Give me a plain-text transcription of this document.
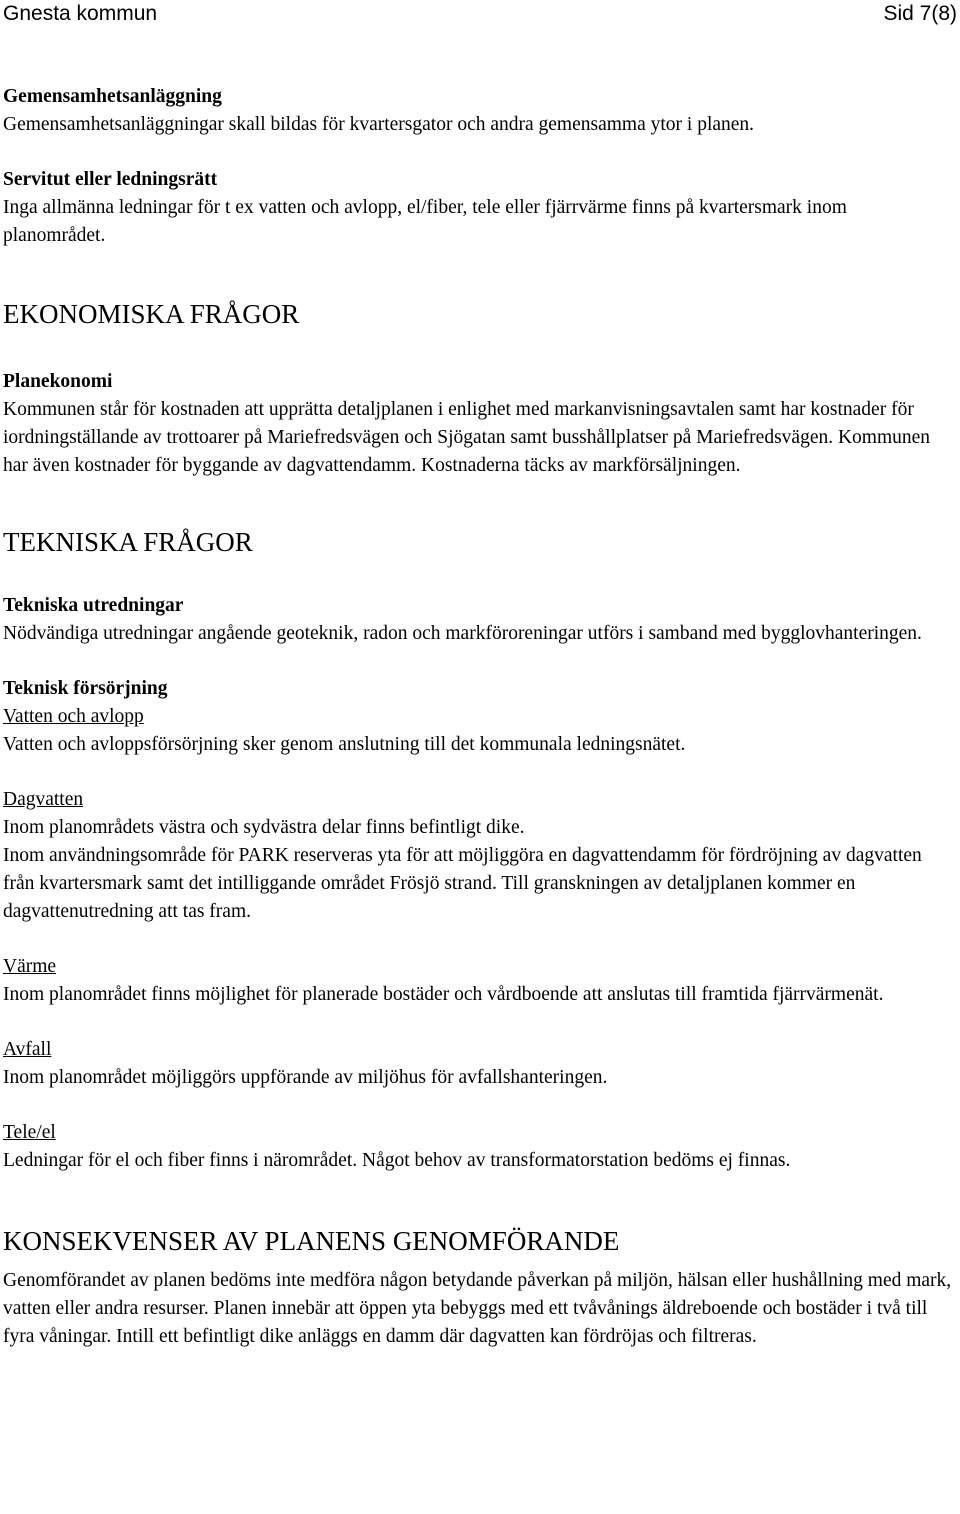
Gnesta kommun	Sid 7(8)

Gemensamhetsanläggning

Gemensamhetsanläggningar skall bildas för kvartersgator och andra gemensamma ytor i planen.

Servitut eller ledningsrätt

Inga allmänna ledningar för t ex vatten och avlopp, el/fiber, tele eller fjärrvärme finns på kvartersmark inom planområdet.

EKONOMISKA FRÅGOR

Planekonomi

Kommunen står för kostnaden att upprätta detaljplanen i enlighet med markanvisningsavtalen samt har kostnader för iordningställande av trottoarer på Mariefredsvägen och Sjögatan samt busshållplatser på Mariefredsvägen. Kommunen har även kostnader för byggande av dagvattendamm. Kostnaderna täcks av markförsäljningen.

TEKNISKA FRÅGOR

Tekniska utredningar

Nödvändiga utredningar angående geoteknik, radon och markföroreningar utförs i samband med bygglovhanteringen.

Teknisk försörjning

Vatten och avlopp

Vatten och avloppsförsörjning sker genom anslutning till det kommunala ledningsnätet.

Dagvatten

Inom planområdets västra och sydvästra delar finns befintligt dike.

Inom användningsområde för PARK reserveras yta för att möjliggöra en dagvattendamm för fördröjning av dagvatten från kvartersmark samt det intilliggande området Frösjö strand. Till granskningen av detaljplanen kommer en dagvattenutredning att tas fram.

Värme

Inom planområdet finns möjlighet för planerade bostäder och vårdboende att anslutas till framtida fjärrvärmenät.

Avfall

Inom planområdet möjliggörs uppförande av miljöhus för avfallshanteringen.

Tele/el

Ledningar för el och fiber finns i närområdet. Något behov av transformatorstation bedöms ej finnas.

KONSEKVENSER AV PLANENS GENOMFÖRANDE

Genomförandet av planen bedöms inte medföra någon betydande påverkan på miljön, hälsan eller hushållning med mark, vatten eller andra resurser. Planen innebär att öppen yta bebyggs med ett tvåvånings äldreboende och bostäder i två till fyra våningar. Intill ett befintligt dike anläggs en damm där dagvatten kan fördröjas och filtreras.
